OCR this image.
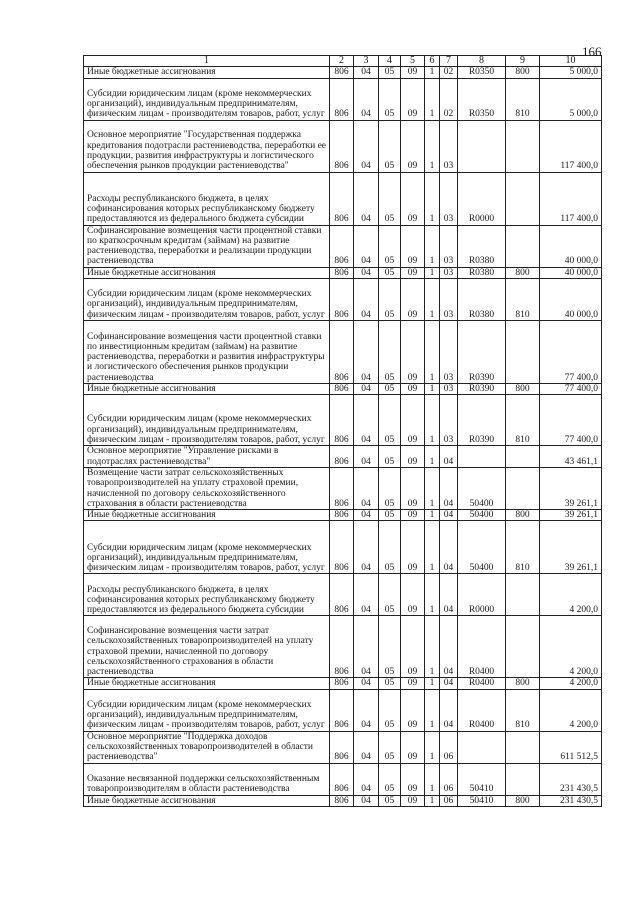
166
1	2	3	4	5	6	7	8	9	10
Иные бюджетные ассигнования	806	04	05	09	1	02	R0350	800	5 000,0
Субсидии юридическим лицам (кроме некоммерческих организаций), индивидуальным предпринимателям, физическим лицам - производителям товаров, работ, услуг	806	04	05	09	1	02	R0350	810	5 000,0
Основное мероприятие "Государственная поддержка кредитования подотрасли растениеводства, переработки ее продукции, развития инфраструктуры и логистического обеспечения рынков продукции растениеводства"	806	04	05	09	1	03			117 400,0
Расходы республиканского бюджета, в целях софинансирования которых республиканскому бюджету предоставляются из федерального бюджета субсидии	806	04	05	09	1	03	R0000		117 400,0
Софинансирование возмещения части процентной ставки по краткосрочным кредитам (займам) на развитие растениеводства, переработки и реализации продукции растениеводства	806	04	05	09	1	03	R0380		40 000,0
Иные бюджетные ассигнования	806	04	05	09	1	03	R0380	800	40 000,0
Субсидии юридическим лицам (кроме некоммерческих организаций), индивидуальным предпринимателям, физическим лицам - производителям товаров, работ, услуг	806	04	05	09	1	03	R0380	810	40 000,0
Софинансирование возмещения части процентной ставки по инвестиционным кредитам (займам) на развитие растениеводства, переработки и развития инфраструктуры и логистического обеспечения рынков продукции растениеводства	806	04	05	09	1	03	R0390		77 400,0
Иные бюджетные ассигнования	806	04	05	09	1	03	R0390	800	77 400,0
Субсидии юридическим лицам (кроме некоммерческих организаций), индивидуальным предпринимателям, физическим лицам - производителям товаров, работ, услуг	806	04	05	09	1	03	R0390	810	77 400,0
Основное мероприятие "Управление рисками в подотраслях растениеводства"	806	04	05	09	1	04			43 461,1
Возмещение части затрат сельскохозяйственных товаропроизводителей на уплату страховой премии, начисленной по договору сельскохозяйственного страхования в области растениеводства	806	04	05	09	1	04	50400		39 261,1
Иные бюджетные ассигнования	806	04	05	09	1	04	50400	800	39 261,1
Субсидии юридическим лицам (кроме некоммерческих организаций), индивидуальным предпринимателям, физическим лицам - производителям товаров, работ, услуг	806	04	05	09	1	04	50400	810	39 261,1
Расходы республиканского бюджета, в целях софинансирования которых республиканскому бюджету предоставляются из федерального бюджета субсидии	806	04	05	09	1	04	R0000		4 200,0
Софинансирование возмещения части затрат сельскохозяйственных товаропроизводителей на уплату страховой премии, начисленной по договору сельскохозяйственного страхования в области растениеводства	806	04	05	09	1	04	R0400		4 200,0
Иные бюджетные ассигнования	806	04	05	09	1	04	R0400	800	4 200,0
Субсидии юридическим лицам (кроме некоммерческих организаций), индивидуальным предпринимателям, физическим лицам - производителям товаров, работ, услуг	806	04	05	09	1	04	R0400	810	4 200,0
Основное мероприятие "Поддержка доходов сельскохозяйственных товаропроизводителей в области растениеводства"	806	04	05	09	1	06			611 512,5
Оказание несвязанной поддержки сельскохозяйственным товаропроизводителям в области растениеводства	806	04	05	09	1	06	50410		231 430,5
Иные бюджетные ассигнования	806	04	05	09	1	06	50410	800	231 430,5
